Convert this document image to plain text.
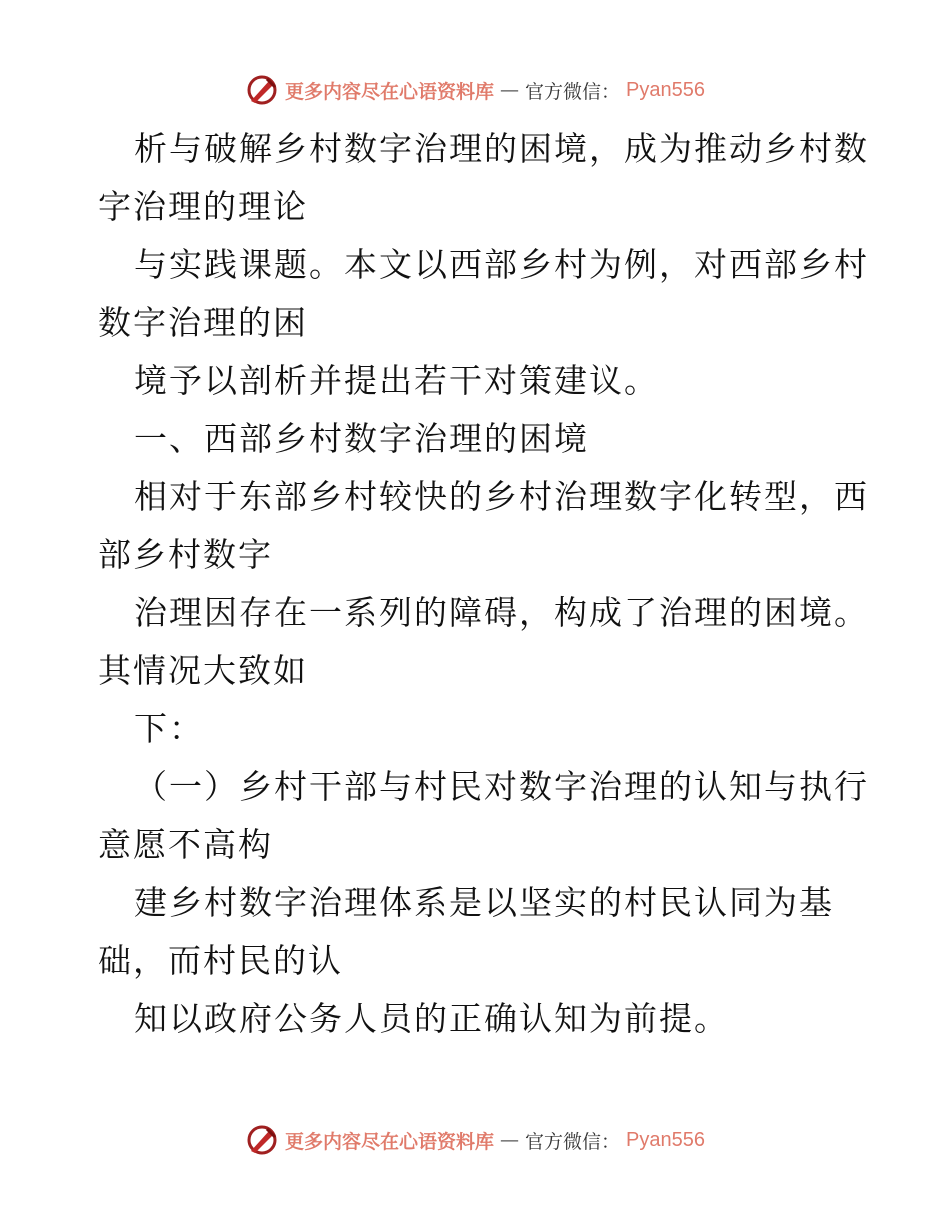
更多内容尽在心语资料库 — 官方微信： Pyan556
析与破解乡村数字治理的困境，成为推动乡村数
字治理的理论
与实践课题。本文以西部乡村为例，对西部乡村
数字治理的困
境予以剖析并提出若干对策建议。
一、西部乡村数字治理的困境
相对于东部乡村较快的乡村治理数字化转型，西
部乡村数字
治理因存在一系列的障碍，构成了治理的困境。
其情况大致如
下：
（一）乡村干部与村民对数字治理的认知与执行
意愿不高构
建乡村数字治理体系是以坚实的村民认同为基
础，而村民的认
知以政府公务人员的正确认知为前提。
更多内容尽在心语资料库 — 官方微信： Pyan556
